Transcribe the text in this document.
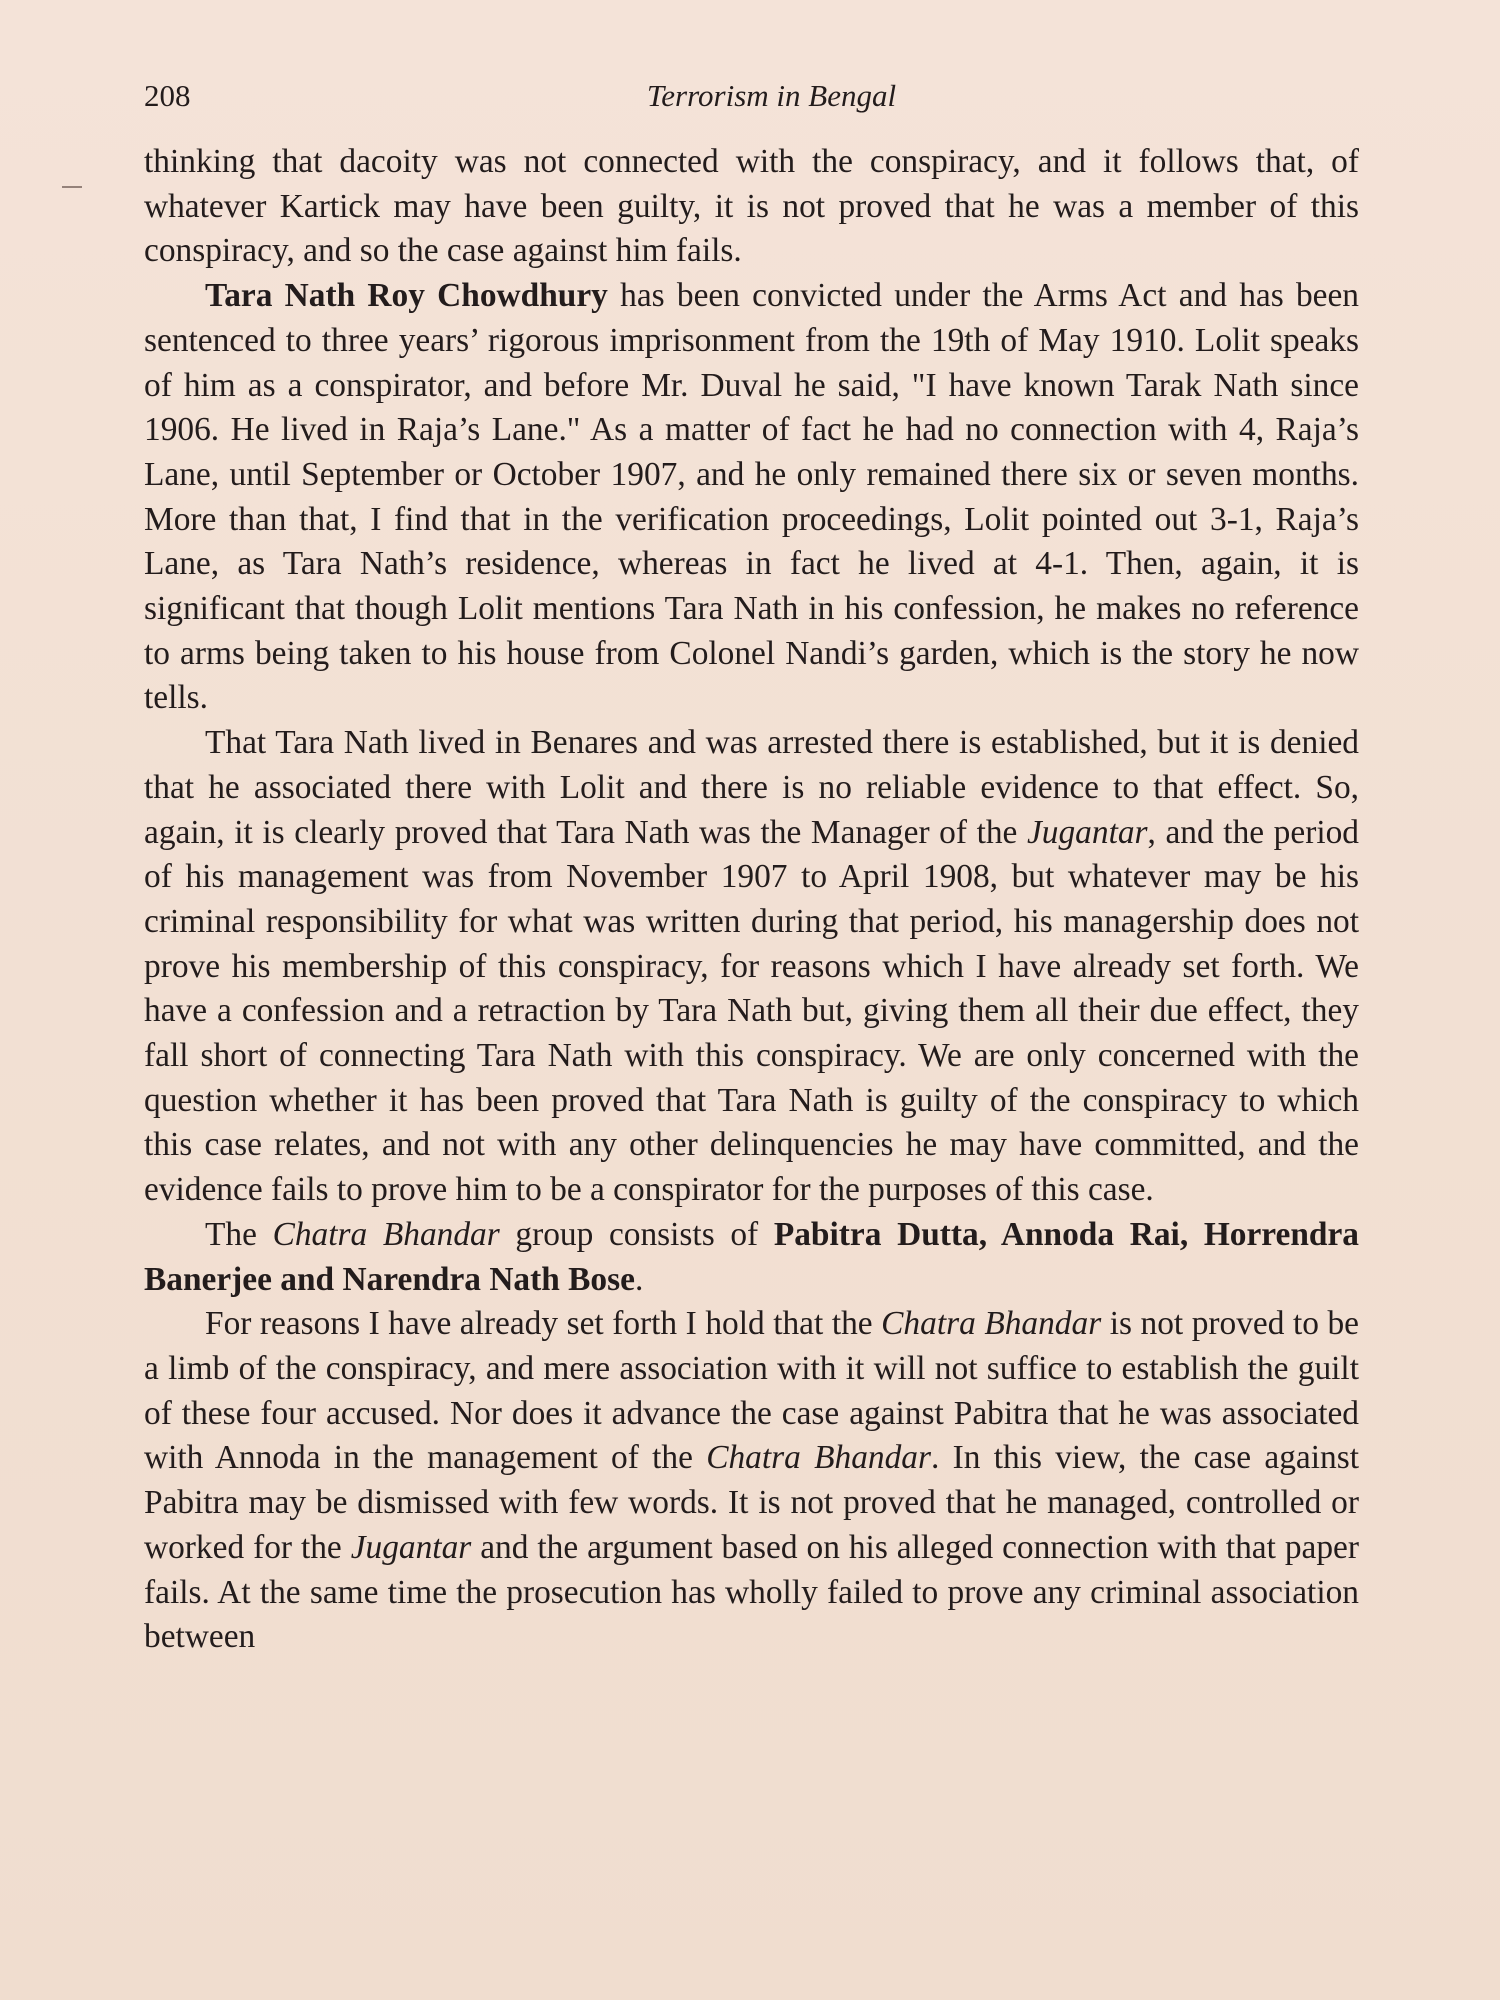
208	Terrorism in Bengal

thinking that dacoity was not connected with the conspiracy, and it follows that, of whatever Kartick may have been guilty, it is not proved that he was a member of this conspiracy, and so the case against him fails.

Tara Nath Roy Chowdhury has been convicted under the Arms Act and has been sentenced to three years’ rigorous imprisonment from the 19th of May 1910. Lolit speaks of him as a conspirator, and before Mr. Duval he said, "I have known Tarak Nath since 1906. He lived in Raja’s Lane." As a matter of fact he had no connection with 4, Raja’s Lane, until September or October 1907, and he only remained there six or seven months. More than that, I find that in the verification proceedings, Lolit pointed out 3-1, Raja’s Lane, as Tara Nath’s residence, whereas in fact he lived at 4-1. Then, again, it is significant that though Lolit mentions Tara Nath in his confession, he makes no reference to arms being taken to his house from Colonel Nandi’s garden, which is the story he now tells.

That Tara Nath lived in Benares and was arrested there is established, but it is denied that he associated there with Lolit and there is no reliable evidence to that effect. So, again, it is clearly proved that Tara Nath was the Manager of the Jugantar, and the period of his management was from November 1907 to April 1908, but whatever may be his criminal responsibility for what was written during that period, his managership does not prove his membership of this conspiracy, for reasons which I have already set forth. We have a confession and a retraction by Tara Nath but, giving them all their due effect, they fall short of connecting Tara Nath with this conspiracy. We are only concerned with the question whether it has been proved that Tara Nath is guilty of the conspiracy to which this case relates, and not with any other delinquencies he may have committed, and the evidence fails to prove him to be a conspirator for the purposes of this case.

The Chatra Bhandar group consists of Pabitra Dutta, Annoda Rai, Horrendra Banerjee and Narendra Nath Bose.

For reasons I have already set forth I hold that the Chatra Bhandar is not proved to be a limb of the conspiracy, and mere association with it will not suffice to establish the guilt of these four accused. Nor does it advance the case against Pabitra that he was associated with Annoda in the management of the Chatra Bhandar. In this view, the case against Pabitra may be dismissed with few words. It is not proved that he managed, controlled or worked for the Jugantar and the argument based on his alleged connection with that paper fails. At the same time the prosecution has wholly failed to prove any criminal association between
